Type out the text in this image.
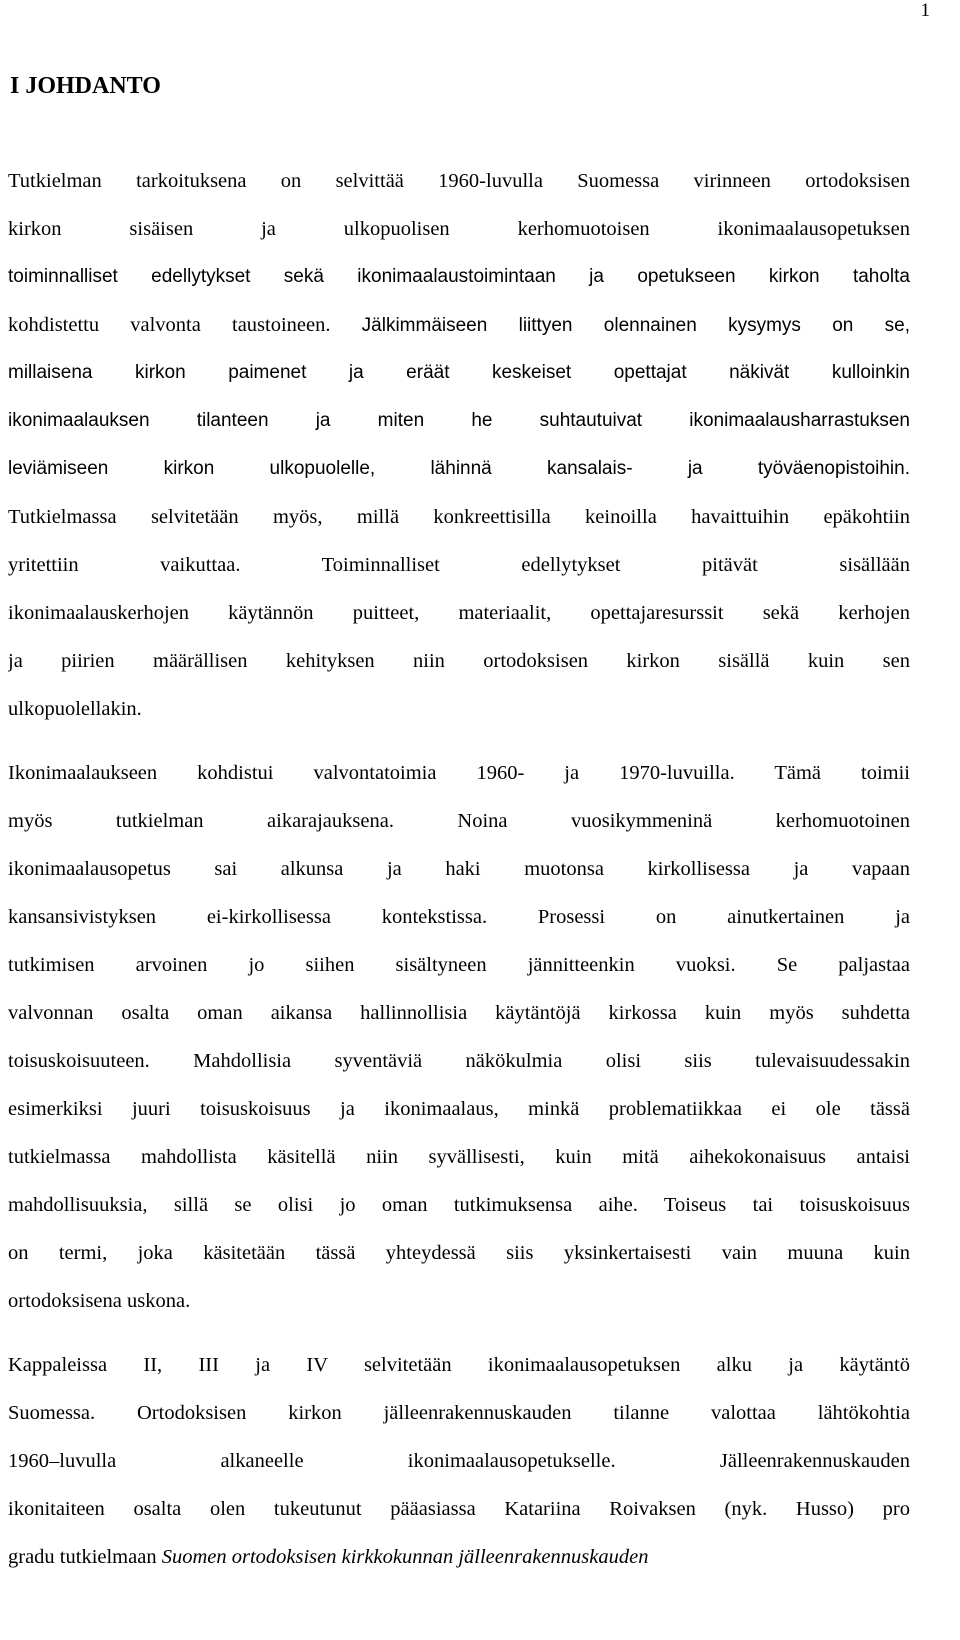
1
I JOHDANTO
Tutkielman tarkoituksena on selvittää 1960-luvulla Suomessa virinneen ortodoksisen
kirkon sisäisen ja ulkopuolisen kerhomuotoisen ikonimaalausopetuksen
toiminnalliset edellytykset sekä ikonimaalaustoimintaan ja opetukseen kirkon taholta
kohdistettu valvonta taustoineen. Jälkimmäiseen liittyen olennainen kysymys on se,
millaisena kirkon paimenet ja eräät keskeiset opettajat näkivät kulloinkin
ikonimaalauksen tilanteen ja miten he suhtautuivat ikonimaalausharrastuksen
leviämiseen kirkon ulkopuolelle, lähinnä kansalais- ja työväenopistoihin.
Tutkielmassa selvitetään myös, millä konkreettisilla keinoilla havaittuihin epäkohtiin
yritettiin vaikuttaa. Toiminnalliset edellytykset pitävät sisällään
ikonimaalauskerhojen käytännön puitteet, materiaalit, opettajaresurssit sekä kerhojen
ja piirien määrällisen kehityksen niin ortodoksisen kirkon sisällä kuin sen
ulkopuolellakin.
Ikonimaalaukseen kohdistui valvontatoimia 1960- ja 1970-luvuilla. Tämä toimii
myös tutkielman aikarajauksena. Noina vuosikymmeninä kerhomuotoinen
ikonimaalausopetus sai alkunsa ja haki muotonsa kirkollisessa ja vapaan
kansansivistyksen ei-kirkollisessa kontekstissa. Prosessi on ainutkertainen ja
tutkimisen arvoinen jo siihen sisältyneen jännitteenkin vuoksi. Se paljastaa
valvonnan osalta oman aikansa hallinnollisia käytäntöjä kirkossa kuin myös suhdetta
toisuskoisuuteen. Mahdollisia syventäviä näkökulmia olisi siis tulevaisuudessakin
esimerkiksi juuri toisuskoisuus ja ikonimaalaus, minkä problematiikkaa ei ole tässä
tutkielmassa mahdollista käsitellä niin syvällisesti, kuin mitä aihekokonaisuus antaisi
mahdollisuuksia, sillä se olisi jo oman tutkimuksensa aihe. Toiseus tai toisuskoisuus
on termi, joka käsitetään tässä yhteydessä siis yksinkertaisesti vain muuna kuin
ortodoksisena uskona.
Kappaleissa II, III ja IV selvitetään ikonimaalausopetuksen alku ja käytäntö
Suomessa. Ortodoksisen kirkon jälleenrakennuskauden tilanne valottaa lähtökohtia
1960–luvulla alkaneelle ikonimaalausopetukselle. Jälleenrakennuskauden
ikonitaiteen osalta olen tukeutunut pääasiassa Katariina Roivaksen (nyk. Husso) pro
gradu tutkielmaan Suomen ortodoksisen kirkkokunnan jälleenrakennuskauden
